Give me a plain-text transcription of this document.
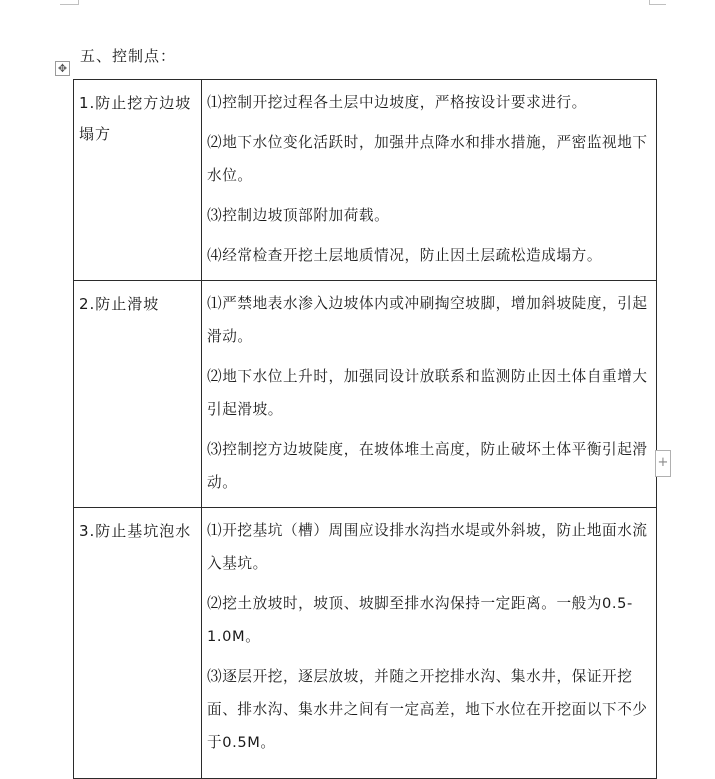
五、控制点：
✥
1.防止挖方边坡塌方	⑴控制开挖过程各土层中边坡度，严格按设计要求进行。
⑵地下水位变化活跃时，加强井点降水和排水措施，严密监视地下水位。
⑶控制边坡顶部附加荷载。
⑷经常检查开挖土层地质情况，防止因土层疏松造成塌方。

2.防止滑坡	⑴严禁地表水渗入边坡体内或冲刷掏空坡脚，增加斜坡陡度，引起滑动。
⑵地下水位上升时，加强同设计放联系和监测防止因土体自重增大引起滑坡。
⑶控制挖方边坡陡度，在坡体堆土高度，防止破坏土体平衡引起滑动。

3.防止基坑泡水	⑴开挖基坑（槽）周围应设排水沟挡水堤或外斜坡，防止地面水流入基坑。
⑵挖土放坡时，坡顶、坡脚至排水沟保持一定距离。一般为0.5-1.0M。
⑶逐层开挖，逐层放坡，并随之开挖排水沟、集水井，保证开挖面、排水沟、集水井之间有一定高差，地下水位在开挖面以下不少于0.5M。
+
